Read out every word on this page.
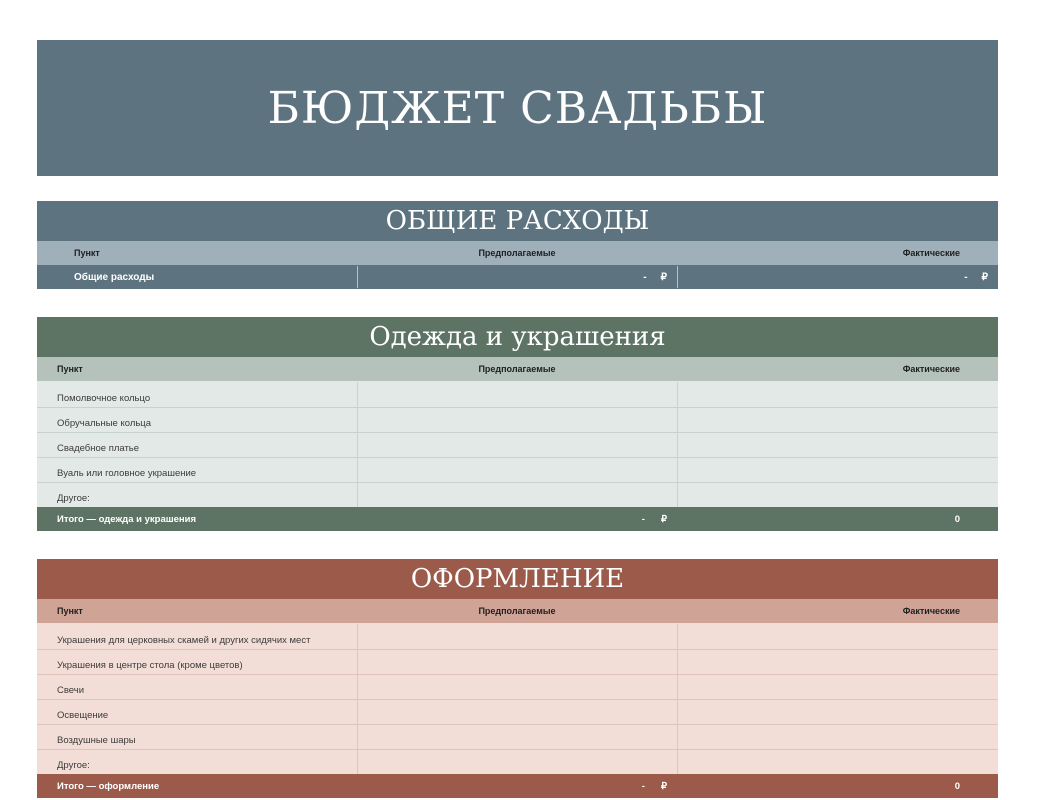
БЮДЖЕТ СВАДЬБЫ
ОБЩИЕ РАСХОДЫ
Пункт	Предполагаемые	Фактические
Общие расходы	- ₽	- ₽
Одежда и украшения
Пункт	Предполагаемые	Фактические
Помолвочное кольцо
Обручальные кольца
Свадебное платье
Вуаль или головное украшение
Другое:
Итого — одежда и украшения	- ₽	0
ОФОРМЛЕНИЕ
Пункт	Предполагаемые	Фактические
Украшения для церковных скамей и других сидячих мест
Украшения в центре стола (кроме цветов)
Свечи
Освещение
Воздушные шары
Другое:
Итого — оформление	- ₽	0
